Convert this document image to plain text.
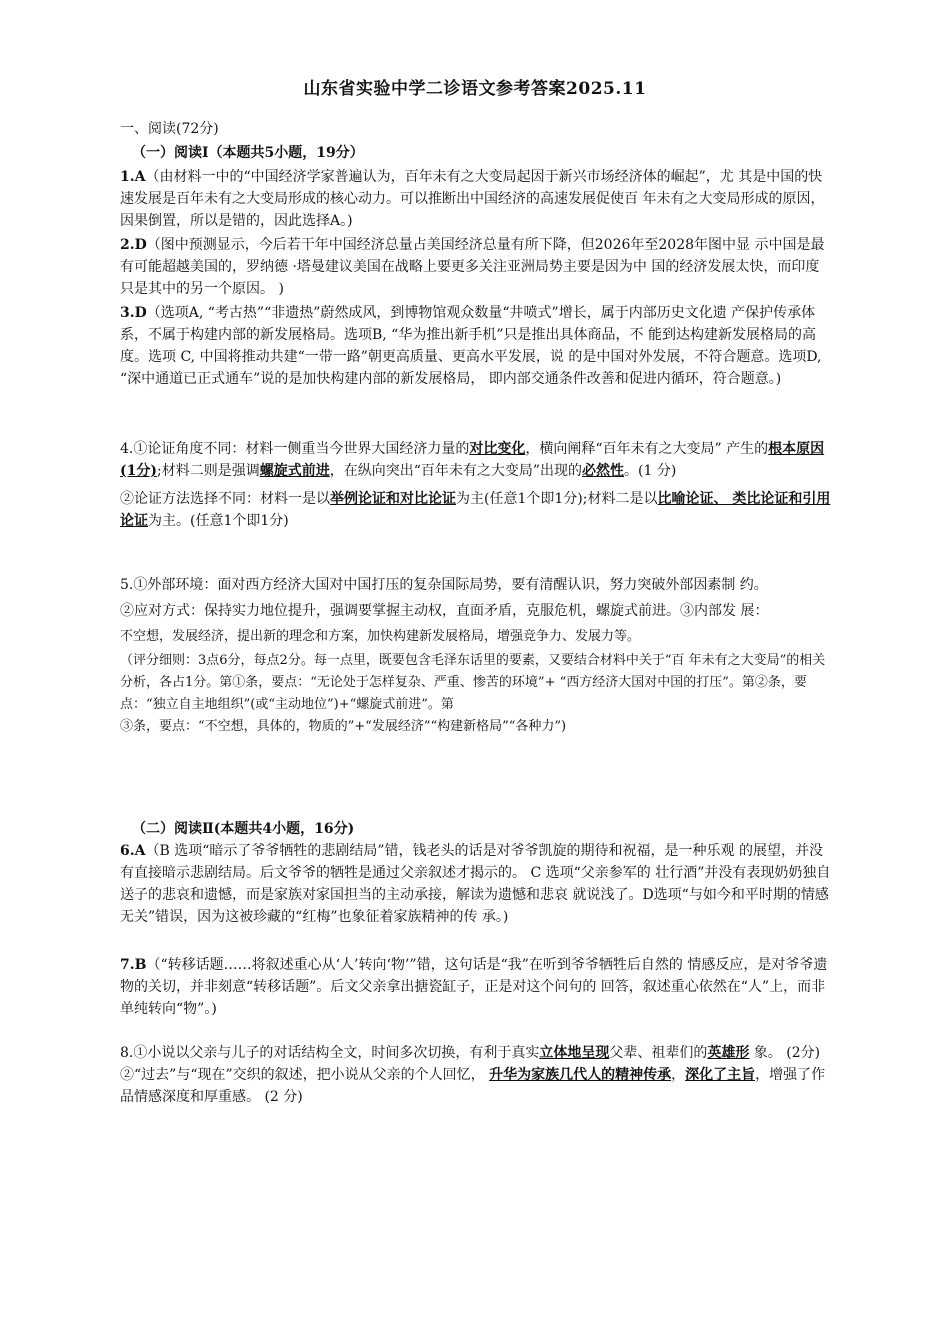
山东省实验中学二诊语文参考答案2025.11
一、阅读(72分)
（一）阅读Ⅰ（本题共5小题，19分）

1.A（由材料一中的“中国经济学家普遍认为，百年未有之大变局起因于新兴市场经济体的崛起”，尤 其是中国的快速发展是百年未有之大变局形成的核心动力。可以推断出中国经济的高速发展促使百 年未有之大变局形成的原因，因果倒置，所以是错的，因此选择A。)

2.D（图中预测显示，今后若干年中国经济总量占美国经济总量有所下降，但2026年至2028年图中显 示中国是最有可能超越美国的，罗纳德 ·塔曼建议美国在战略上要更多关注亚洲局势主要是因为中 国的经济发展太快，而印度只是其中的另一个原因。 )

3.D（选项A, “考古热”“非遗热”蔚然成风，到博物馆观众数量“井喷式”增长，属于内部历史文化遗 产保护传承体系，不属于构建内部的新发展格局。选项B, “华为推出新手机”只是推出具体商品，不 能到达构建新发展格局的高度。选项 C, 中国将推动共建“一带一路”朝更高质量、更高水平发展，说 的是中国对外发展，不符合题意。选项D, “深中通道已正式通车”说的是加快构建内部的新发展格局， 即内部交通条件改善和促进内循环，符合题意。)

4.①论证角度不同：材料一侧重当今世界大国经济力量的对比变化，横向阐释“百年未有之大变局” 产生的根本原因(1分);材料二则是强调螺旋式前进，在纵向突出“百年未有之大变局”出现的必然性。(1 分)

②论证方法选择不同：材料一是以举例论证和对比论证为主(任意1个即1分);材料二是以比喻论证、 类比论证和引用论证为主。(任意1个即1分)

5.①外部环境：面对西方经济大国对中国打压的复杂国际局势，要有清醒认识，努力突破外部因素制 约。

②应对方式：保持实力地位提升，强调要掌握主动权，直面矛盾，克服危机，螺旋式前进。③内部发 展：

不空想，发展经济，提出新的理念和方案，加快构建新发展格局，增强竞争力、发展力等。

（评分细则：3点6分，每点2分。每一点里，既要包含毛泽东话里的要素，又要结合材料中关于“百 年未有之大变局”的相关分析，各占1分。第①条，要点：“无论处于怎样复杂、严重、惨苦的环境”+ “西方经济大国对中国的打压”。第②条，要点：“独立自主地组织”(或“主动地位”)+“螺旋式前进”。第

③条，要点：“不空想，具体的，物质的”+“发展经济”“构建新格局”“各种力”)

（二）阅读Ⅱ(本题共4小题，16分)

6.A（B 选项“暗示了爷爷牺牲的悲剧结局”错，钱老头的话是对爷爷凯旋的期待和祝福，是一种乐观 的展望，并没有直接暗示悲剧结局。后文爷爷的牺牲是通过父亲叙述才揭示的。 C 选项“父亲参军的 壮行酒”并没有表现奶奶独自送子的悲哀和遗憾，而是家族对家国担当的主动承接，解读为遗憾和悲哀 就说浅了。D选项“与如今和平时期的情感无关”错误，因为这被珍藏的“红梅”也象征着家族精神的传 承。)

7.B（“转移话题……将叙述重心从‘人’转向‘物’”错，这句话是“我”在听到爷爷牺牲后自然的 情感反应，是对爷爷遗物的关切，并非刻意“转移话题”。后文父亲拿出搪瓷缸子，正是对这个问句的 回答，叙述重心依然在“人”上，而非单纯转向“物”。)

8.①小说以父亲与儿子的对话结构全文，时间多次切换，有利于真实立体地呈现父辈、祖辈们的英雄形 象。 (2分)

②“过去”与“现在”交织的叙述，把小说从父亲的个人回忆， 升华为家族几代人的精神传承，深化了主旨，增强了作品情感深度和厚重感。 (2 分)
